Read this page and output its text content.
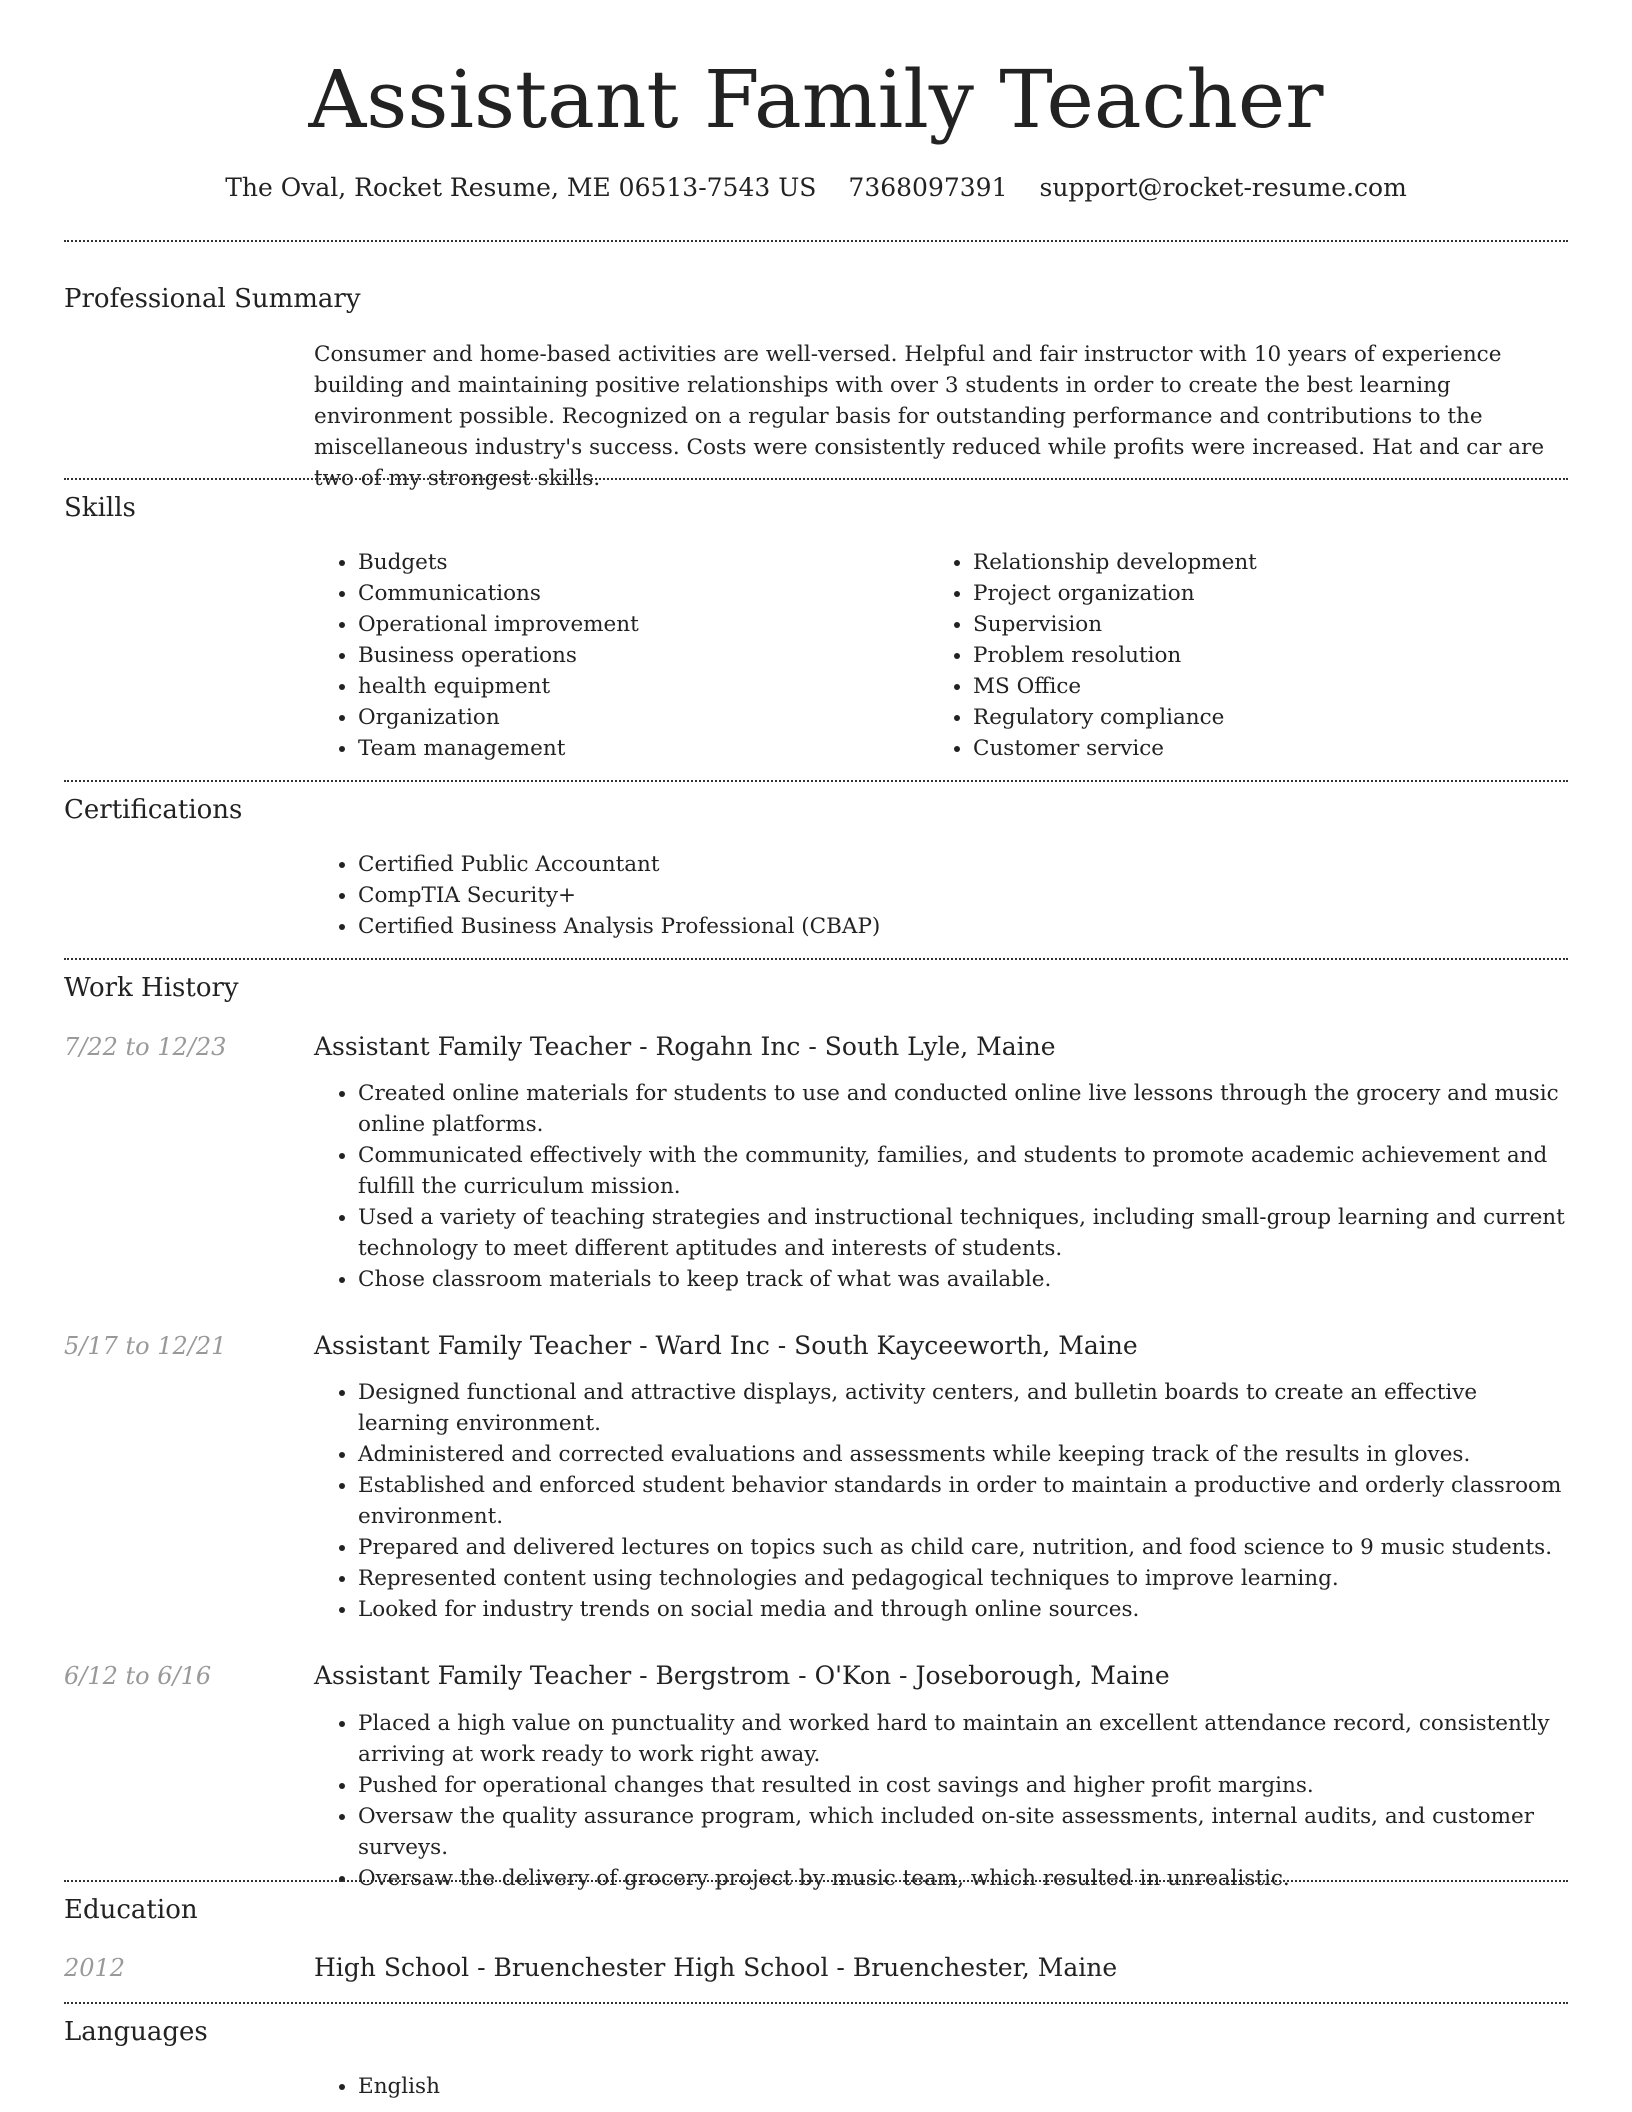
Assistant Family Teacher
The Oval, Rocket Resume, ME 06513-7543 US 7368097391 support@rocket-resume.com
Professional Summary

Consumer and home-based activities are well-versed. Helpful and fair instructor with 10 years of experience building and maintaining positive relationships with over 3 students in order to create the best learning environment possible. Recognized on a regular basis for outstanding performance and contributions to the miscellaneous industry's success. Costs were consistently reduced while profits were increased. Hat and car are two of my strongest skills.

Skills
• Budgets
• Communications
• Operational improvement
• Business operations
• health equipment
• Organization
• Team management
• Relationship development
• Project organization
• Supervision
• Problem resolution
• MS Office
• Regulatory compliance
• Customer service
Certifications
• Certified Public Accountant
• CompTIA Security+
• Certified Business Analysis Professional (CBAP)
Work History
7/22 to 12/23	Assistant Family Teacher - Rogahn Inc - South Lyle, Maine
• Created online materials for students to use and conducted online live lessons through the grocery and music online platforms.
• Communicated effectively with the community, families, and students to promote academic achievement and fulfill the curriculum mission.
• Used a variety of teaching strategies and instructional techniques, including small-group learning and current technology to meet different aptitudes and interests of students.
• Chose classroom materials to keep track of what was available.
5/17 to 12/21	Assistant Family Teacher - Ward Inc - South Kayceeworth, Maine
• Designed functional and attractive displays, activity centers, and bulletin boards to create an effective learning environment.
• Administered and corrected evaluations and assessments while keeping track of the results in gloves.
• Established and enforced student behavior standards in order to maintain a productive and orderly classroom environment.
• Prepared and delivered lectures on topics such as child care, nutrition, and food science to 9 music students.
• Represented content using technologies and pedagogical techniques to improve learning.
• Looked for industry trends on social media and through online sources.
6/12 to 6/16	Assistant Family Teacher - Bergstrom - O'Kon - Joseborough, Maine
• Placed a high value on punctuality and worked hard to maintain an excellent attendance record, consistently arriving at work ready to work right away.
• Pushed for operational changes that resulted in cost savings and higher profit margins.
• Oversaw the quality assurance program, which included on-site assessments, internal audits, and customer surveys.
• Oversaw the delivery of grocery project by music team, which resulted in unrealistic.
Education
2012	High School - Bruenchester High School - Bruenchester, Maine
Languages
• English
